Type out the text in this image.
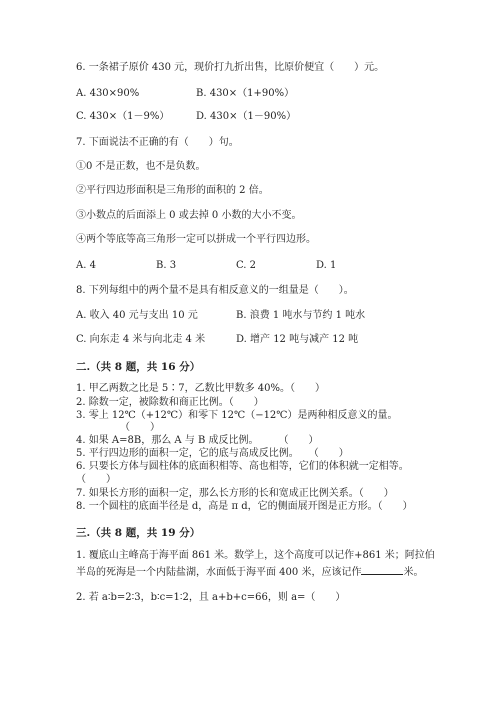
6. 一条裙子原价 430 元，现价打九折出售，比原价便宜（　　）元。
A. 430×90%	B. 430×（1+90%）
C. 430×（1－9%）	D. 430×（1－90%）
7. 下面说法不正确的有（　　）句。
①0 不是正数，也不是负数。
②平行四边形面积是三角形的面积的 2 倍。
③小数点的后面添上 0 或去掉 0 小数的大小不变。
④两个等底等高三角形一定可以拼成一个平行四边形。
A. 4	B. 3	C. 2	D. 1
8. 下列每组中的两个量不是具有相反意义的一组量是（　　）。
A. 收入 40 元与支出 10 元	B. 浪费 1 吨水与节约 1 吨水
C. 向东走 4 米与向北走 4 米	D. 增产 12 吨与减产 12 吨
二.（共 8 题，共 16 分）
1. 甲乙两数之比是 5∶7，乙数比甲数多 40%。（　　）
2. 除数一定，被除数和商正比例。（　　）
3. 零上 12℃（+12℃）和零下 12℃（−12℃）是两种相反意义的量。
（　　）
4. 如果 A=8B，那么 A 与 B 成反比例。　　　（　　）
5. 平行四边形的面积一定，它的底与高成反比例。　　（　　）
6. 只要长方体与圆柱体的底面积相等、高也相等，它们的体积就一定相等。
（　　）
7. 如果长方形的面积一定，那么长方形的长和宽成正比例关系。（　　）
8. 一个圆柱的底面半径是 d，高是 π d，它的侧面展开图是正方形。（　　）
三.（共 8 题，共 19 分）
1. 覆底山主峰高于海平面 861 米。数学上，这个高度可以记作+861 米；阿拉伯
半岛的死海是一个内陆盐湖，水面低于海平面 400 米，应该记作	米。
2. 若 a∶b=2∶3，b∶c=1∶2，且 a+b+c=66，则 a=（　　）
